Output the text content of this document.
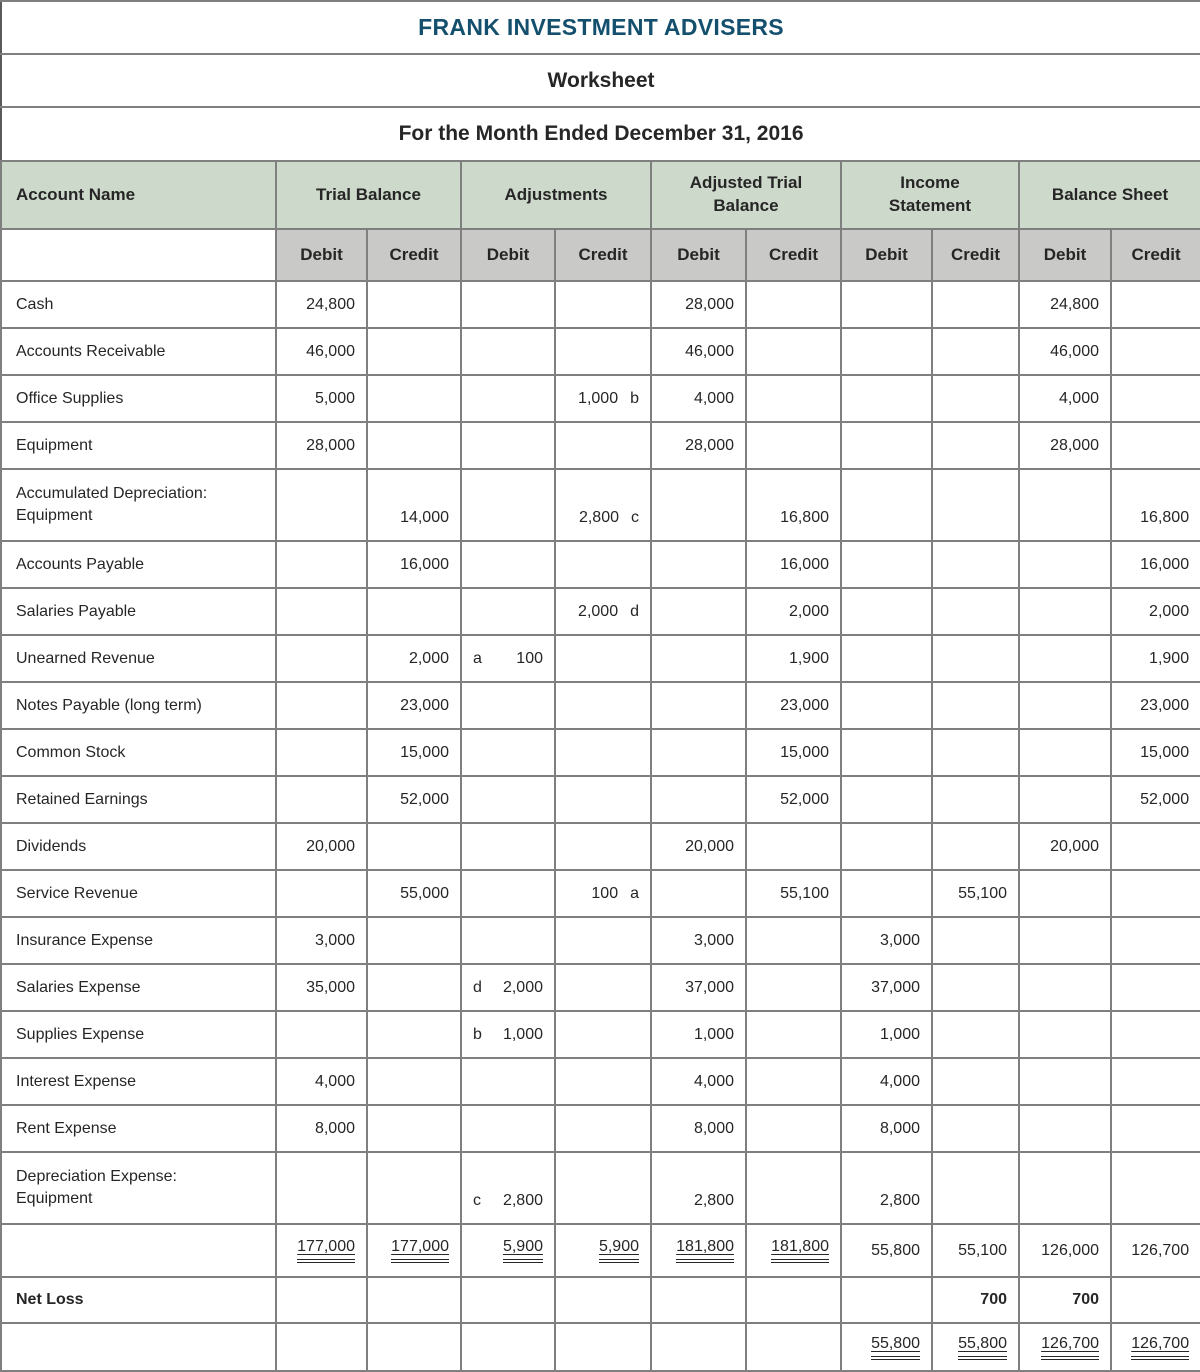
FRANK INVESTMENT ADVISERS										
Worksheet										
For the Month Ended December 31, 2016										
Account Name	Trial Balance		Adjustments		Adjusted Trial Balance		Income Statement		Balance Sheet	
	Debit	Credit	Debit	Credit	Debit	Credit	Debit	Credit	Debit	Credit
Cash	24,800				28,000				24,800	
Accounts Receivable	46,000				46,000				46,000	
Office Supplies	5,000			1,000 b	4,000				4,000	
Equipment	28,000				28,000				28,000	
Accumulated Depreciation: Equipment		14,000		2,800 c		16,800				16,800
Accounts Payable		16,000				16,000				16,000
Salaries Payable				2,000 d		2,000				2,000
Unearned Revenue		2,000	a 100			1,900				1,900
Notes Payable (long term)		23,000				23,000				23,000
Common Stock		15,000				15,000				15,000
Retained Earnings		52,000				52,000				52,000
Dividends	20,000				20,000				20,000	
Service Revenue		55,000		100 a		55,100		55,100		
Insurance Expense	3,000				3,000		3,000			
Salaries Expense	35,000		d 2,000		37,000		37,000			
Supplies Expense			b 1,000		1,000		1,000			
Interest Expense	4,000				4,000		4,000			
Rent Expense	8,000				8,000		8,000			
Depreciation Expense: Equipment			c 2,800		2,800		2,800			
	177,000	177,000	5,900	5,900	181,800	181,800	55,800	55,100	126,000	126,700
Net Loss								700	700	
							55,800	55,800	126,700	126,700
